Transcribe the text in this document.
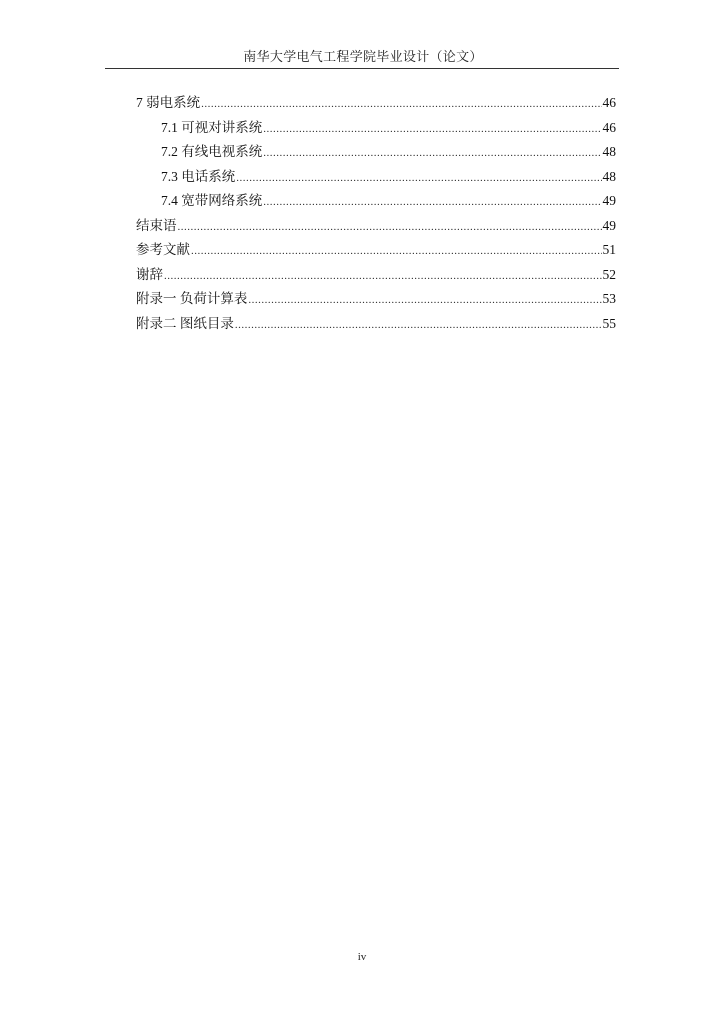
南华大学电气工程学院毕业设计（论文）
7 弱电系统 .....	46
7.1 可视对讲系统 .....	46
7.2 有线电视系统 .....	48
7.3 电话系统 .....	48
7.4 宽带网络系统 .....	49
结束语 .....	49
参考文献 .....	51
谢辞 .....	52
附录一 负荷计算表 .....	53
附录二 图纸目录 .....	55
iv
